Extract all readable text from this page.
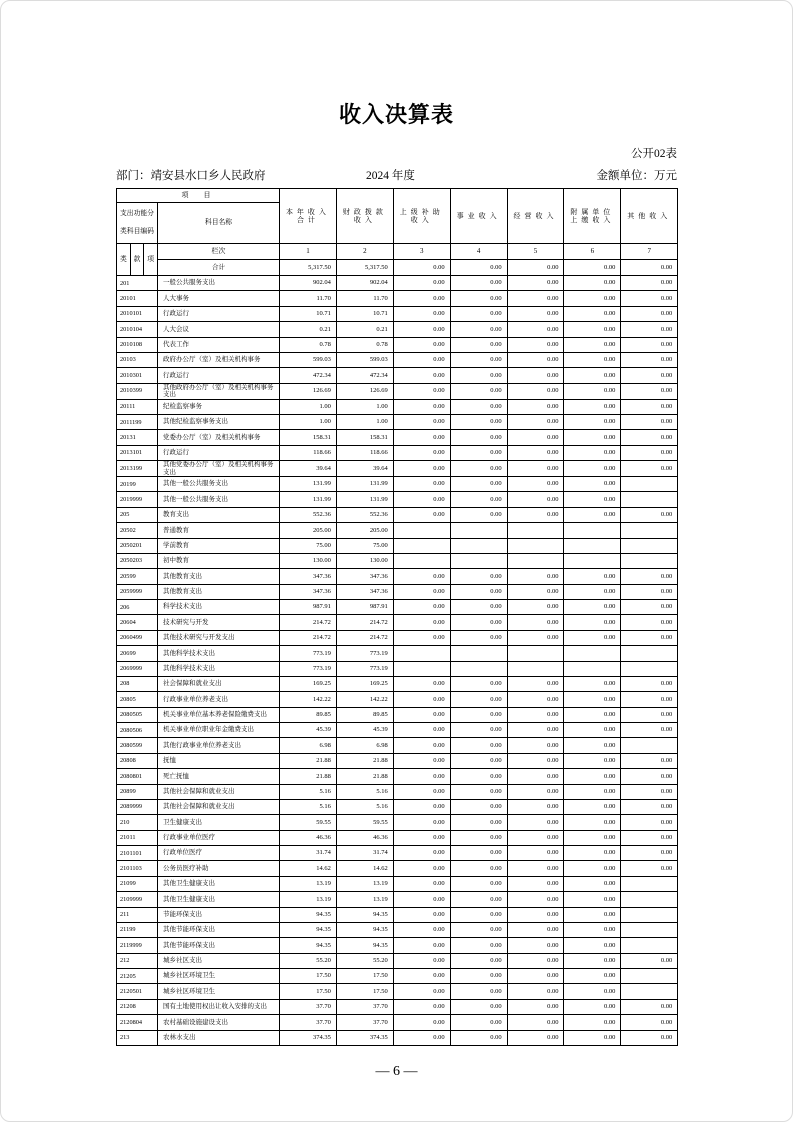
收入决算表
公开02表
部门：靖安县水口乡人民政府	2024 年度	金额单位：万元
项　目		本年收入合计	财政拨款收入	上级补助收入	事业收入	经营收入	附属单位上缴收入	其他收入
支出功能分类科目编码	科目名称							

类 款 项	栏次	1	2	3	4	5	6	7
	合计	5,317.50	5,317.50	0.00	0.00	0.00	0.00	0.00
201	一般公共服务支出	902.04	902.04	0.00	0.00	0.00	0.00	0.00
20101	人大事务	11.70	11.70	0.00	0.00	0.00	0.00	0.00
2010101	行政运行	10.71	10.71	0.00	0.00	0.00	0.00	0.00
2010104	人大会议	0.21	0.21	0.00	0.00	0.00	0.00	0.00
2010108	代表工作	0.78	0.78	0.00	0.00	0.00	0.00	0.00
20103	政府办公厅（室）及相关机构事务	599.03	599.03	0.00	0.00	0.00	0.00	0.00
2010301	行政运行	472.34	472.34	0.00	0.00	0.00	0.00	0.00
2010399	其他政府办公厅（室）及相关机构事务支出	126.69	126.69	0.00	0.00	0.00	0.00	0.00
20111	纪检监察事务	1.00	1.00	0.00	0.00	0.00	0.00	0.00
2011199	其他纪检监察事务支出	1.00	1.00	0.00	0.00	0.00	0.00	0.00
20131	党委办公厅（室）及相关机构事务	158.31	158.31	0.00	0.00	0.00	0.00	0.00
2013101	行政运行	118.66	118.66	0.00	0.00	0.00	0.00	0.00
2013199	其他党委办公厅（室）及相关机构事务支出	39.64	39.64	0.00	0.00	0.00	0.00	0.00
20199	其他一般公共服务支出	131.99	131.99	0.00	0.00	0.00	0.00	
2019999	其他一般公共服务支出	131.99	131.99	0.00	0.00	0.00	0.00	
205	教育支出	552.36	552.36	0.00	0.00	0.00	0.00	0.00
20502	普通教育	205.00	205.00					
2050201	学前教育	75.00	75.00					
2050203	初中教育	130.00	130.00					
20599	其他教育支出	347.36	347.36	0.00	0.00	0.00	0.00	0.00
2059999	其他教育支出	347.36	347.36	0.00	0.00	0.00	0.00	0.00
206	科学技术支出	987.91	987.91	0.00	0.00	0.00	0.00	0.00
20604	技术研究与开发	214.72	214.72	0.00	0.00	0.00	0.00	0.00
2060499	其他技术研究与开发支出	214.72	214.72	0.00	0.00	0.00	0.00	0.00
20699	其他科学技术支出	773.19	773.19					
2069999	其他科学技术支出	773.19	773.19					
208	社会保障和就业支出	169.25	169.25	0.00	0.00	0.00	0.00	0.00
20805	行政事业单位养老支出	142.22	142.22	0.00	0.00	0.00	0.00	0.00
2080505	机关事业单位基本养老保险缴费支出	89.85	89.85	0.00	0.00	0.00	0.00	0.00
2080506	机关事业单位职业年金缴费支出	45.39	45.39	0.00	0.00	0.00	0.00	0.00
2080599	其他行政事业单位养老支出	6.98	6.98	0.00	0.00	0.00	0.00	
20808	抚恤	21.88	21.88	0.00	0.00	0.00	0.00	0.00
2080801	死亡抚恤	21.88	21.88	0.00	0.00	0.00	0.00	0.00
20899	其他社会保障和就业支出	5.16	5.16	0.00	0.00	0.00	0.00	0.00
2089999	其他社会保障和就业支出	5.16	5.16	0.00	0.00	0.00	0.00	0.00
210	卫生健康支出	59.55	59.55	0.00	0.00	0.00	0.00	0.00
21011	行政事业单位医疗	46.36	46.36	0.00	0.00	0.00	0.00	0.00
2101101	行政单位医疗	31.74	31.74	0.00	0.00	0.00	0.00	0.00
2101103	公务员医疗补助	14.62	14.62	0.00	0.00	0.00	0.00	0.00
21099	其他卫生健康支出	13.19	13.19	0.00	0.00	0.00	0.00	
2109999	其他卫生健康支出	13.19	13.19	0.00	0.00	0.00	0.00	
211	节能环保支出	94.35	94.35	0.00	0.00	0.00	0.00	
21199	其他节能环保支出	94.35	94.35	0.00	0.00	0.00	0.00	
2119999	其他节能环保支出	94.35	94.35	0.00	0.00	0.00	0.00	
212	城乡社区支出	55.20	55.20	0.00	0.00	0.00	0.00	0.00
21205	城乡社区环境卫生	17.50	17.50	0.00	0.00	0.00	0.00	
2120501	城乡社区环境卫生	17.50	17.50	0.00	0.00	0.00	0.00	
21208	国有土地使用权出让收入安排的支出	37.70	37.70	0.00	0.00	0.00	0.00	0.00
2120804	农村基础设施建设支出	37.70	37.70	0.00	0.00	0.00	0.00	0.00
213	农林水支出	374.35	374.35	0.00	0.00	0.00	0.00	0.00
— 6 —
